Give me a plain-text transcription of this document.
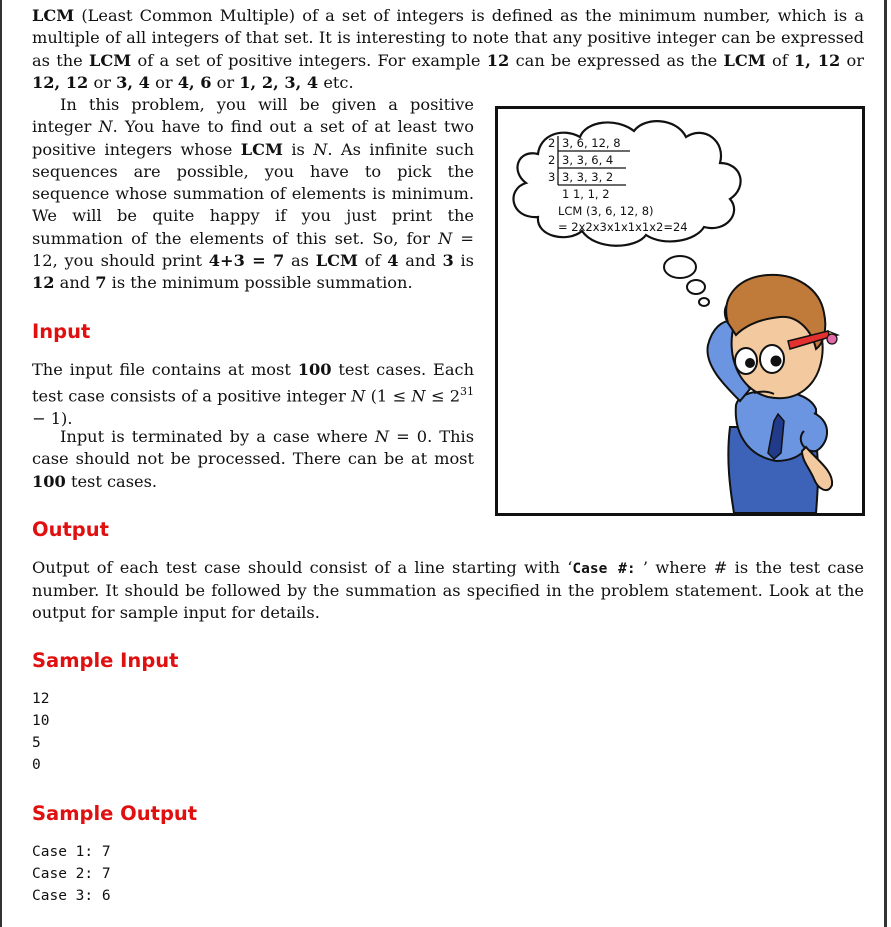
LCM (Least Common Multiple) of a set of integers is defined as the minimum number, which is a multiple of all integers of that set. It is interesting to note that any positive integer can be expressed as the LCM of a set of positive integers. For example 12 can be expressed as the LCM of 1, 12 or 12, 12 or 3, 4 or 4, 6 or 1, 2, 3, 4 etc.

In this problem, you will be given a positive integer N. You have to find out a set of at least two positive integers whose LCM is N. As infinite such sequences are possible, you have to pick the sequence whose summation of elements is minimum. We will be quite happy if you just print the summation of the elements of this set. So, for N = 12, you should print 4+3 = 7 as LCM of 4 and 3 is 12 and 7 is the minimum possible summation.

Input

The input file contains at most 100 test cases. Each test case consists of a positive integer N $(1 \le N \le 2^{31} - 1)$.

Input is terminated by a case where N = 0. This case should not be processed. There can be at most 100 test cases.

2
2
3
3, 6, 12, 8
3, 3, 6, 4
3, 3, 3, 2
1 1, 1, 2
LCM (3, 6, 12, 8)
= 2x2x3x1x1x1x2=24
Output

Output of each test case should consist of a line starting with ‘Case #: ’ where # is the test case number. It should be followed by the summation as specified in the problem statement. Look at the output for sample input for details.

Sample Input
12
10
5
0
Sample Output
Case 1: 7
Case 2: 7
Case 3: 6
